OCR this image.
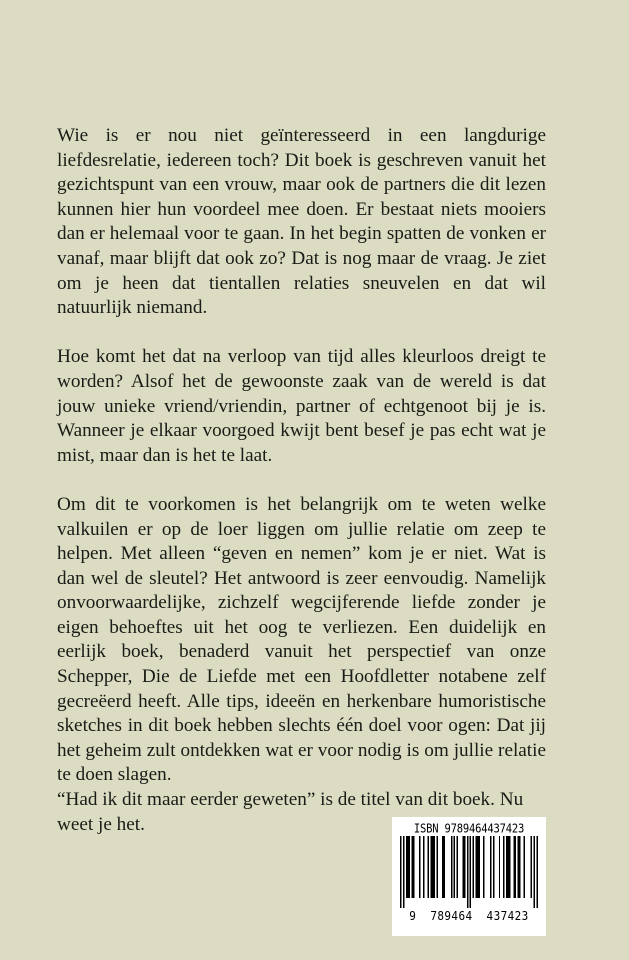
Wie is er nou niet geïnteresseerd in een langdurige liefdesrelatie, iedereen toch? Dit boek is geschreven vanuit het gezichtspunt van een vrouw, maar ook de partners die dit lezen kunnen hier hun voordeel mee doen. Er bestaat niets mooiers dan er helemaal voor te gaan. In het begin spatten de vonken er vanaf, maar blijft dat ook zo? Dat is nog maar de vraag. Je ziet om je heen dat tientallen relaties sneuvelen en dat wil natuurlijk niemand.

Hoe komt het dat na verloop van tijd alles kleurloos dreigt te worden? Alsof het de gewoonste zaak van de wereld is dat jouw unieke vriend/vriendin, partner of echtgenoot bij je is. Wanneer je elkaar voorgoed kwijt bent besef je pas echt wat je mist, maar dan is het te laat.

Om dit te voorkomen is het belangrijk om te weten welke valkuilen er op de loer liggen om jullie relatie om zeep te helpen. Met alleen “geven en nemen” kom je er niet. Wat is dan wel de sleutel? Het antwoord is zeer eenvoudig. Namelijk onvoorwaardelijke, zichzelf wegcijferende liefde zonder je eigen behoeftes uit het oog te verliezen. Een duidelijk en eerlijk boek, benaderd vanuit het perspectief van onze Schepper, Die de Liefde met een Hoofdletter notabene zelf gecreëerd heeft. Alle tips, ideeën en herkenbare humoristische sketches in dit boek hebben slechts één doel voor ogen: Dat jij het geheim zult ontdekken wat er voor nodig is om jullie relatie te doen slagen.

“Had ik dit maar eerder geweten” is de titel van dit boek. Nu weet je het.	ISBN 9789464437423
9  789464  437423
